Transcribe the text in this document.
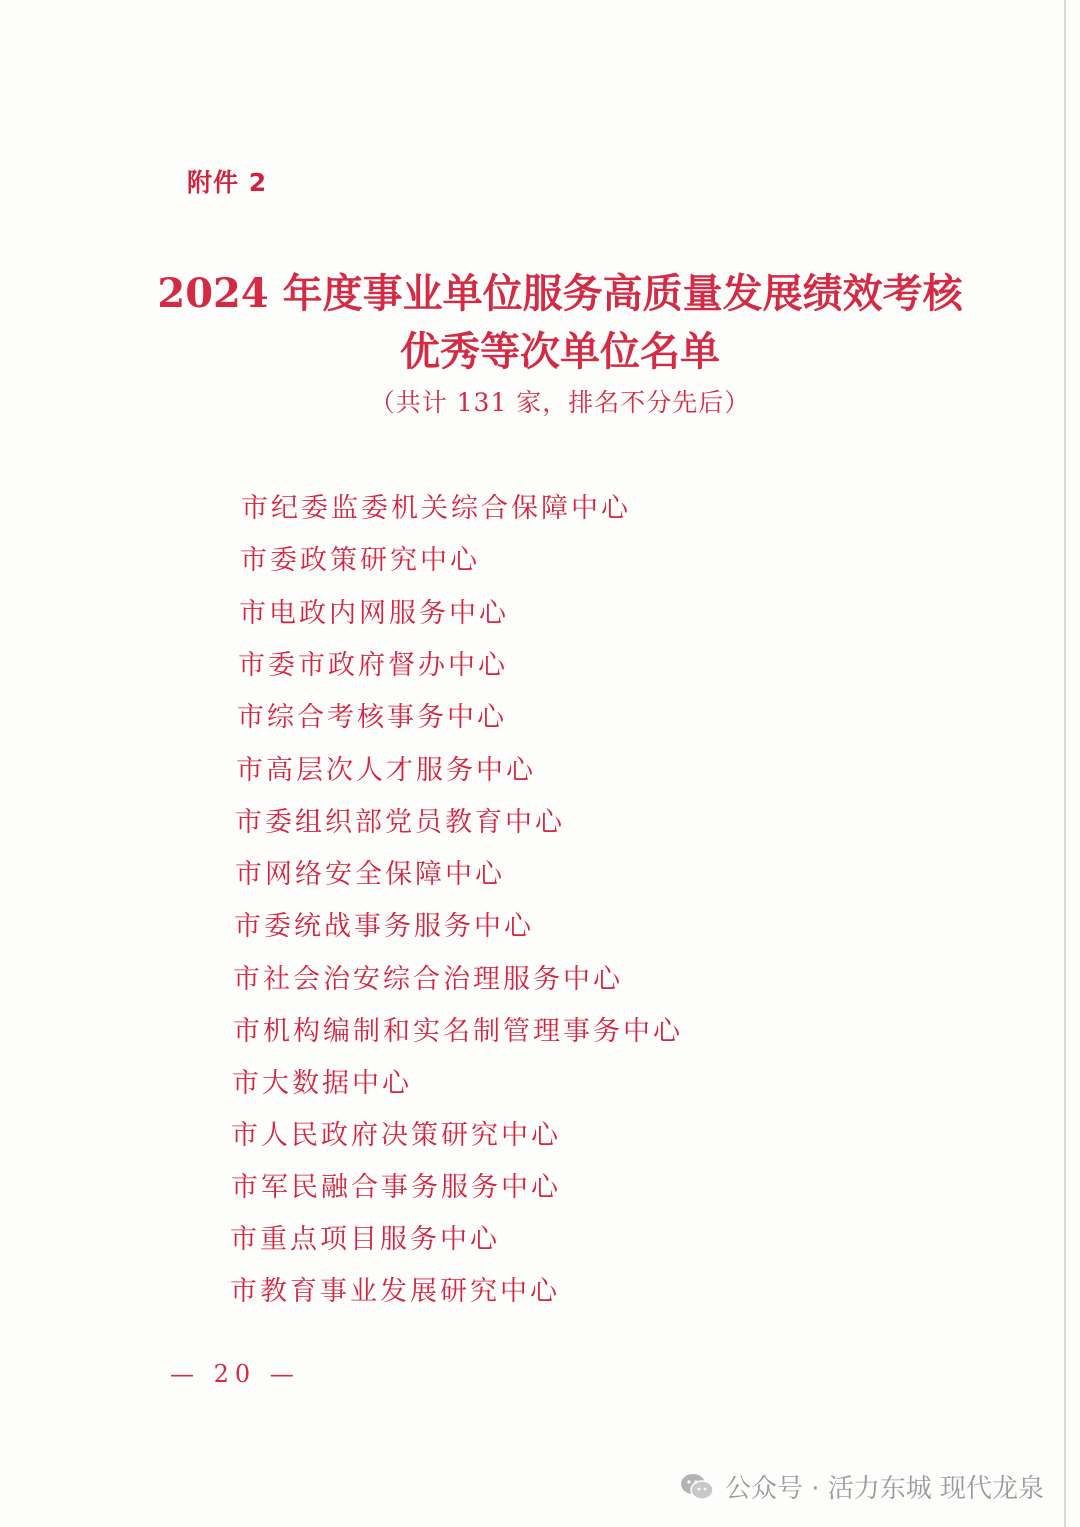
附件 2
2024 年度事业单位服务高质量发展绩效考核
优秀等次单位名单
（共计 131 家，排名不分先后）
市纪委监委机关综合保障中心
市委政策研究中心
市电政内网服务中心
市委市政府督办中心
市综合考核事务中心
市高层次人才服务中心
市委组织部党员教育中心
市网络安全保障中心
市委统战事务服务中心
市社会治安综合治理服务中心
市机构编制和实名制管理事务中心
市大数据中心
市人民政府决策研究中心
市军民融合事务服务中心
市重点项目服务中心
市教育事业发展研究中心
— 20 —
公众号 · 活力东城 现代龙泉
